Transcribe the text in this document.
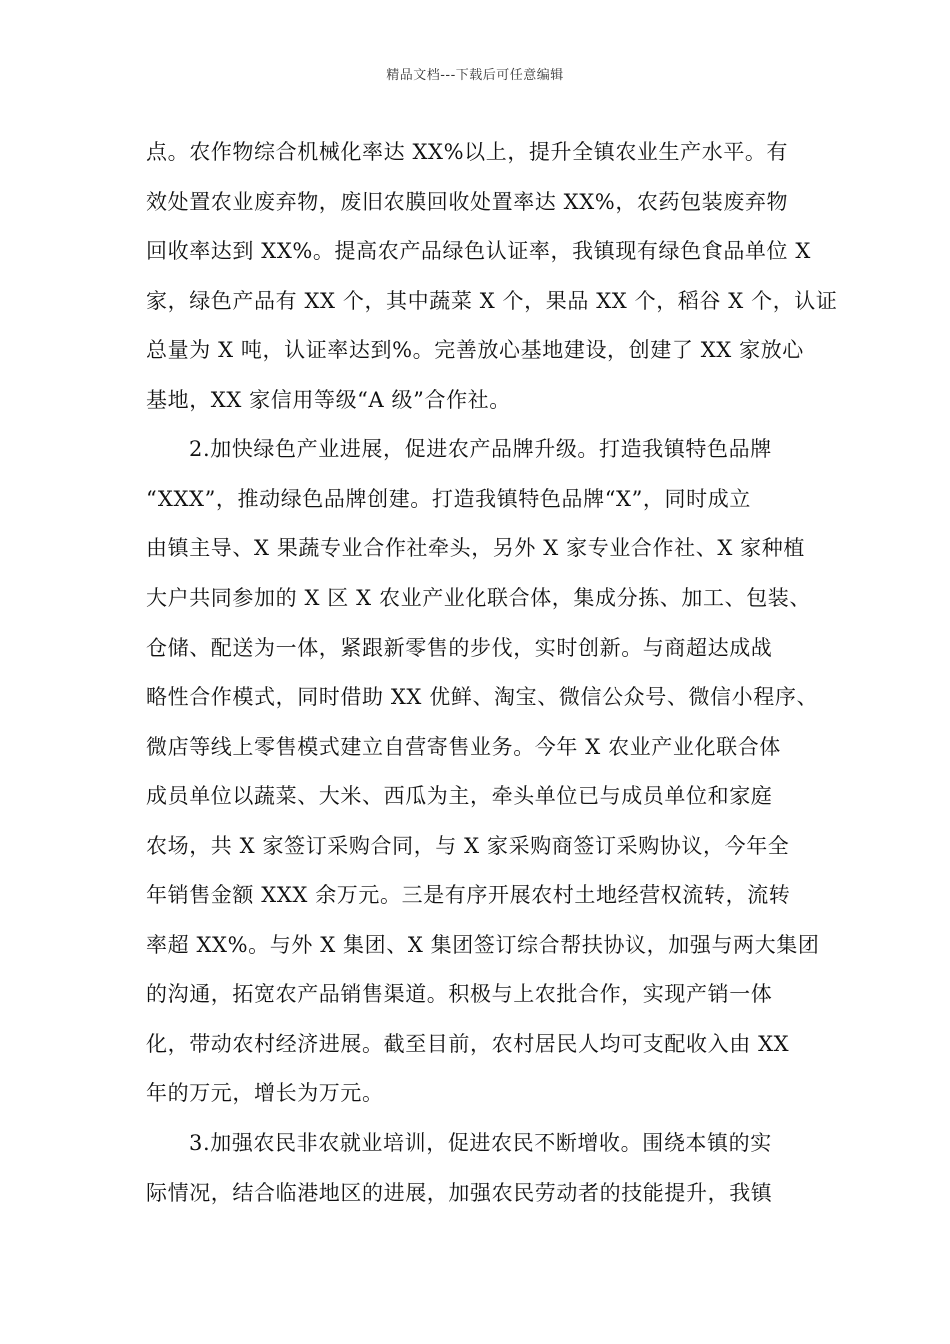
精品文档---下载后可任意编辑
点。农作物综合机械化率达 XX%以上，提升全镇农业生产水平。有
效处置农业废弃物，废旧农膜回收处置率达 XX%，农药包装废弃物
回收率达到 XX%。提高农产品绿色认证率，我镇现有绿色食品单位 X
家，绿色产品有 XX 个，其中蔬菜 X 个，果品 XX 个，稻谷 X 个，认证
总量为 X 吨，认证率达到%。完善放心基地建设，创建了 XX 家放心
基地，XX 家信用等级“A 级”合作社。
2.加快绿色产业进展，促进农产品牌升级。打造我镇特色品牌
“XXX”，推动绿色品牌创建。打造我镇特色品牌“X”，同时成立
由镇主导、X 果蔬专业合作社牵头，另外 X 家专业合作社、X 家种植
大户共同参加的 X 区 X 农业产业化联合体，集成分拣、加工、包装、
仓储、配送为一体，紧跟新零售的步伐，实时创新。与商超达成战
略性合作模式，同时借助 XX 优鲜、淘宝、微信公众号、微信小程序、
微店等线上零售模式建立自营寄售业务。今年 X 农业产业化联合体
成员单位以蔬菜、大米、西瓜为主，牵头单位已与成员单位和家庭
农场，共 X 家签订采购合同，与 X 家采购商签订采购协议，今年全
年销售金额 XXX 余万元。三是有序开展农村土地经营权流转，流转
率超 XX%。与外 X 集团、X 集团签订综合帮扶协议，加强与两大集团
的沟通，拓宽农产品销售渠道。积极与上农批合作，实现产销一体
化，带动农村经济进展。截至目前，农村居民人均可支配收入由 XX
年的万元，增长为万元。
3.加强农民非农就业培训，促进农民不断增收。围绕本镇的实
际情况，结合临港地区的进展，加强农民劳动者的技能提升，我镇
